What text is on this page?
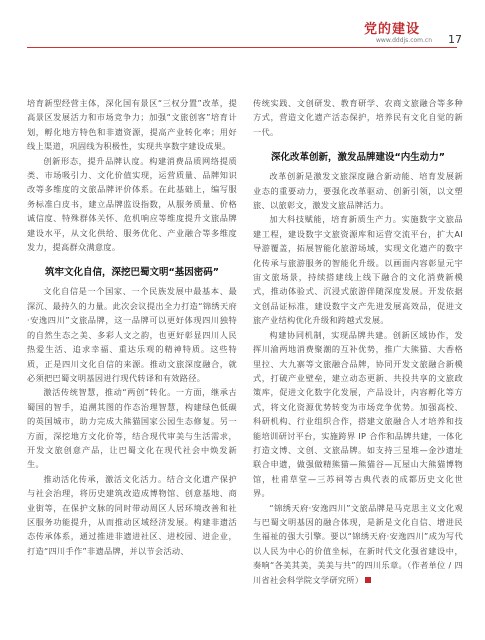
党的建设
www.dddjs.com.cn 17

培育新型经营主体，深化国有景区“三权分置”改革，提高景区发展活力和市场竞争力；加强“文旅创客”培育计划，孵化地方特色和非遗资源，提高产业转化率；用好线上渠道，巩固线为积极性，实现共享数字建设成果。

创新形态，提升品牌认度。构建消费品质网络提质类、市场吸引力、文化价值实现，运营质量、品牌知识改等多维度的文旅品牌评价体系。在此基础上，编写服务标准白皮书，建立品牌监设指数，从服务质量、价格诚信度、特殊群体关怀、危机响应等维度提升文旅品牌建设水平，从文化供给、服务优化、产业融合等多维度发力，提高群众满意度。

筑牢文化自信，深挖巴蜀文明“基因密码”

文化自信是一个国家、一个民族发展中最基本、最深沉、最持久的力量。此次会议提出全力打造“锦绣天府·安逸四川”文旅品牌，这一品牌可以更好体现四川独特的自然生态之美、多彩人文之韵，也更好彰显四川人民热爱生活、追求幸福、重达乐观的精神特质。这些特质，正是四川文化自信的来源。推动文旅深度融合，就必须把巴蜀文明基因进行现代转译和有效路径。

激活传统智慧，推动“两创”转化。一方面，继承古蜀国的智手，追溯其图的作态治理智慧，构建绿色低碳的英国城市，助力完成大熊猫国家公园生态修复。另一方面，深挖地方文化价等，结合现代审美与生活需求，开发文旅创意产品，让巴蜀文化在现代社会中焕发新生。

推动活化传承，激活文化活力。结合文化遗产保护与社会治理，将历史建筑改造成博物馆、创意基地、商业街等，在保护文脉的同时带动周区人居环境改善和社区服务功能提升，从而推动区域经济发展。构建非遗活态传承体系，通过推进非遗进社区、进校园、进企业，打造“四川手作”非遗品牌，并以节会活动、

传统实践、文创研发、教育研学、农商文旅融合等多种方式，营造文化遗产活态保护，培养民有文化自觉的新一代。

深化改革创新，激发品牌建设“内生动力”

改革创新是激发文旅深度融合新动能、培育发展新业态的重要动力，要强化改革驱动、创新引领，以文塑旅、以旅彰文，激发文旅品牌活力。

加大科技赋能，培育新质生产力。实施数字文旅品建工程，建设数字文旅资源库和运营交流平台，扩大AI 导游覆盖，拓展智能化旅游场域，实现文化遗产的数字化传承与旅游服务的智能化升级。以画面内容彰显元宇宙文旅场景，持续搭建线上线下融合的文化消费新模式，推动体验式、沉浸式旅游伴随深度发展。开发依据文创品证标准，建设数字文产先进发展高效品，促进文旅产业结构优化升级和跨越式发展。

构建协同机制，实现品牌共建。创新区域协作，发挥川渝两地消费聚潮的互补优势，推广大熊猫、大香格里拉、大九寨等文旅融合品牌，协同开发文旅融合新模式，打破产业壁垒，建立动态更新、共投共享的文旅政策库，促进文化数字化发展，产品设计，内容孵化等方式，将文化资源优势转变为市场竞争优势。加强高校、科研机构、行业组织合作，搭建文旅融合人才培养和技能培训研讨平台，实施跨界 IP 合作和品牌共建，一体化打造文博、文创、文旅品牌。如支持三星堆—金沙遗址联合申遗，做强做精熊猫—熊猫谷—瓦屋山大熊猫博物馆，杜甫草堂—三苏祠等古典代表的成都历史文化世界。

“锦绣天府·安逸四川”文旅品牌是马克思主义文化观与巴蜀文明基因的融合体现，是新是文化自信、增进民生福祉的强大引擎。要以“锦绣天府·安逸四川”成为写代以人民为中心的价值坐标，在新时代文化强省建设中，奏响“各美其美，美美与共”的四川乐章。（作者单位 / 四川省社会科学院文学研究所）
